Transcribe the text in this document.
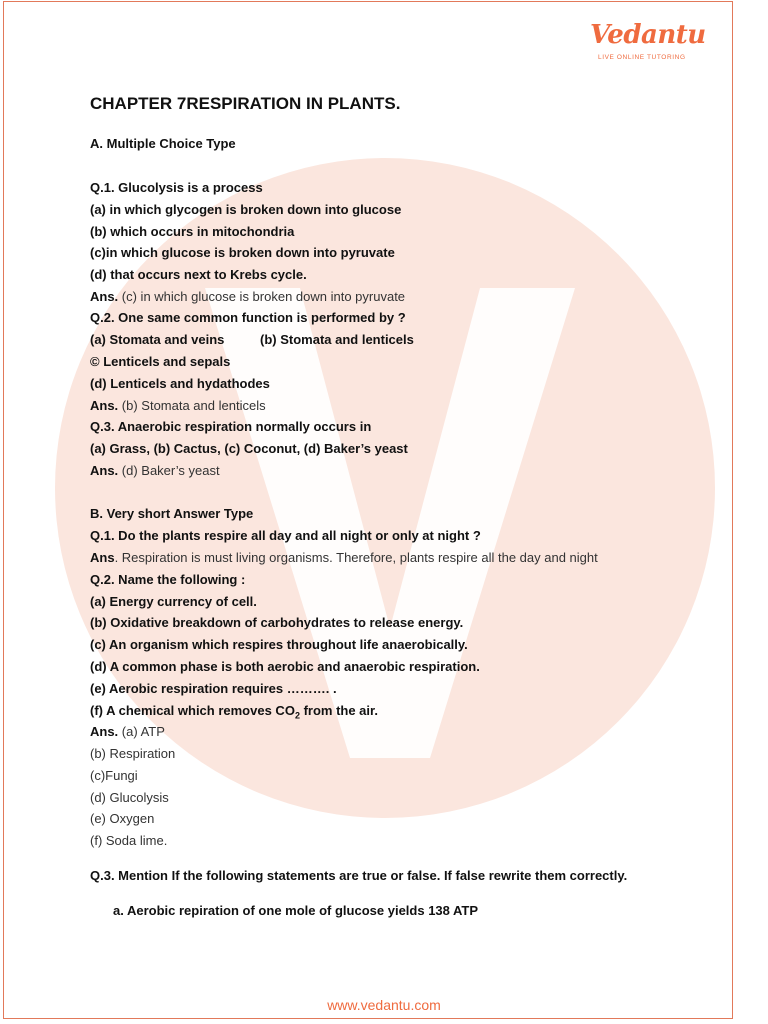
Vedantu
LIVE ONLINE TUTORING
CHAPTER 7RESPIRATION IN PLANTS.
A. Multiple Choice Type
Q.1. Glucolysis is a process
(a) in which glycogen is broken down into glucose
(b) which occurs in mitochondria
(c)in which glucose is broken down into pyruvate
(d) that occurs next to Krebs cycle.
Ans. (c) in which glucose is broken down into pyruvate
Q.2. One same common function is performed by ?
(a) Stomata and veins	(b) Stomata and lenticels
© Lenticels and sepals
(d) Lenticels and hydathodes
Ans. (b) Stomata and lenticels
Q.3. Anaerobic respiration normally occurs in
(a) Grass, (b) Cactus, (c) Coconut, (d) Baker’s yeast
Ans. (d) Baker’s yeast
B. Very short Answer Type
Q.1. Do the plants respire all day and all night or only at night ?
Ans. Respiration is must living organisms. Therefore, plants respire all the day and night
Q.2. Name the following :
(a) Energy currency of cell.
(b) Oxidative breakdown of carbohydrates to release energy.
(c) An organism which respires throughout life anaerobically.
(d) A common phase is both aerobic and anaerobic respiration.
(e) Aerobic respiration requires ………. .
(f) A chemical which removes $CO_2$ from the air.
Ans. (a) ATP
(b) Respiration
(c)Fungi
(d) Glucolysis
(e) Oxygen
(f) Soda lime.
Q.3. Mention If the following statements are true or false. If false rewrite them correctly.
a. Aerobic repiration of one mole of glucose yields 138 ATP
www.vedantu.com
